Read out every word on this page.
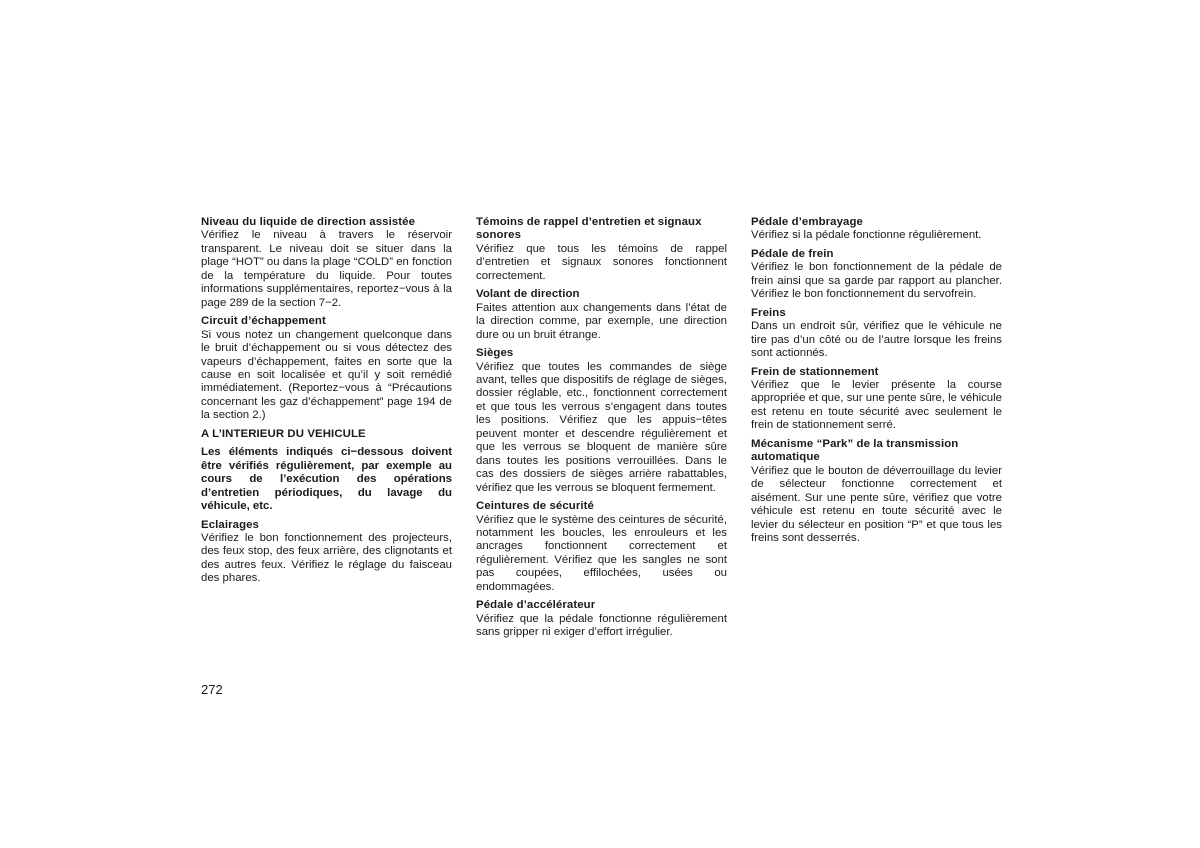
Niveau du liquide de direction assistée

Vérifiez le niveau à travers le réservoir transparent. Le niveau doit se situer dans la plage “HOT” ou dans la plage “COLD” en fonction de la température du liquide. Pour toutes informations supplémentaires, reportez−vous à la page 289 de la section 7−2.

Circuit d’échappement

Si vous notez un changement quelconque dans le bruit d’échappement ou si vous détectez des vapeurs d’échappement, faites en sorte que la cause en soit localisée et qu’il y soit remédié immédiatement. (Reportez−vous à “Précautions concernant les gaz d’échappement” page 194 de la section 2.)

A L’INTERIEUR DU VEHICULE

Les éléments indiqués ci−dessous doivent être vérifiés régulièrement, par exemple au cours de l’exécution des opérations d’entretien périodiques, du lavage du véhicule, etc.

Eclairages

Vérifiez le bon fonctionnement des projecteurs, des feux stop, des feux arrière, des clignotants et des autres feux. Vérifiez le réglage du faisceau des phares.

Témoins de rappel d’entretien et signaux sonores

Vérifiez que tous les témoins de rappel d’entretien et signaux sonores fonctionnent correctement.

Volant de direction

Faites attention aux changements dans l’état de la direction comme, par exemple, une direction dure ou un bruit étrange.

Sièges

Vérifiez que toutes les commandes de siège avant, telles que dispositifs de réglage de sièges, dossier réglable, etc., fonctionnent correctement et que tous les verrous s’engagent dans toutes les positions. Vérifiez que les appuis−têtes peuvent monter et descendre régulièrement et que les verrous se bloquent de manière sûre dans toutes les positions verrouillées. Dans le cas des dossiers de sièges arrière rabattables, vérifiez que les verrous se bloquent fermement.

Ceintures de sécurité

Vérifiez que le système des ceintures de sécurité, notamment les boucles, les enrouleurs et les ancrages fonctionnent correctement et régulièrement. Vérifiez que les sangles ne sont pas coupées, effilochées, usées ou endommagées.

Pédale d’accélérateur

Vérifiez que la pédale fonctionne régulièrement sans gripper ni exiger d’effort irrégulier.

Pédale d’embrayage

Vérifiez si la pédale fonctionne régulièrement.

Pédale de frein

Vérifiez le bon fonctionnement de la pédale de frein ainsi que sa garde par rapport au plancher. Vérifiez le bon fonctionnement du servofrein.

Freins

Dans un endroit sûr, vérifiez que le véhicule ne tire pas d’un côté ou de l’autre lorsque les freins sont actionnés.

Frein de stationnement

Vérifiez que le levier présente la course appropriée et que, sur une pente sûre, le véhicule est retenu en toute sécurité avec seulement le frein de stationnement serré.

Mécanisme “Park” de la transmission automatique

Vérifiez que le bouton de déverrouillage du levier de sélecteur fonctionne correctement et aisément. Sur une pente sûre, vérifiez que votre véhicule est retenu en toute sécurité avec le levier du sélecteur en position “P” et que tous les freins sont desserrés.

272
